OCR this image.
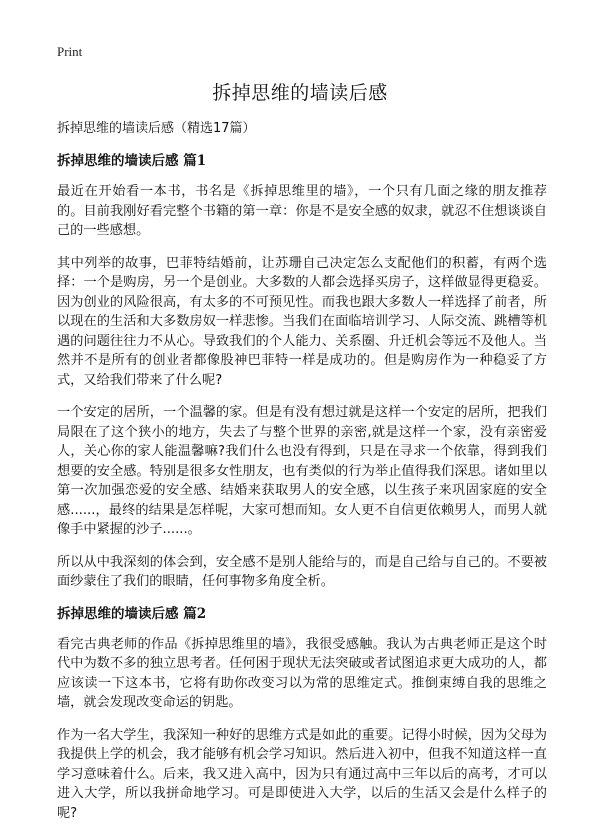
Print
拆掉思维的墙读后感

拆掉思维的墙读后感（精选17篇）

拆掉思维的墙读后感 篇1

最近在开始看一本书，书名是《拆掉思维里的墙》，一个只有几面之缘的朋友推荐的。目前我刚好看完整个书籍的第一章：你是不是安全感的奴隶，就忍不住想谈谈自己的一些感想。

其中列举的故事，巴菲特结婚前，让苏珊自己决定怎么支配他们的积蓄，有两个选择：一个是购房，另一个是创业。大多数的人都会选择买房子，这样做显得更稳妥。因为创业的风险很高，有太多的不可预见性。而我也跟大多数人一样选择了前者，所以现在的生活和大多数房奴一样悲惨。当我们在面临培训学习、人际交流、跳槽等机遇的问题往往力不从心。导致我们的个人能力、关系圈、升迁机会等远不及他人。当然并不是所有的创业者都像股神巴菲特一样是成功的。但是购房作为一种稳妥了方式，又给我们带来了什么呢?

一个安定的居所，一个温馨的家。但是有没有想过就是这样一个安定的居所，把我们局限在了这个狭小的地方，失去了与整个世界的亲密,就是这样一个家，没有亲密爱人，关心你的家人能温馨嘛?我们什么也没有得到，只是在寻求一个依靠，得到我们想要的安全感。特别是很多女性朋友，也有类似的行为举止值得我们深思。诸如里以第一次加强恋爱的安全感、结婚来获取男人的安全感，以生孩子来巩固家庭的安全感......，最终的结果是怎样呢，大家可想而知。女人更不自信更依赖男人，而男人就像手中紧握的沙子......。

所以从中我深刻的体会到，安全感不是别人能给与的，而是自己给与自己的。不要被面纱蒙住了我们的眼睛，任何事物多角度全析。

拆掉思维的墙读后感 篇2

看完古典老师的作品《拆掉思维里的墙》，我很受感触。我认为古典老师正是这个时代中为数不多的独立思考者。任何困于现状无法突破或者试图追求更大成功的人，都应该读一下这本书，它将有助你改变习以为常的思维定式。推倒束缚自我的思维之墙，就会发现改变命运的钥匙。

作为一名大学生，我深知一种好的思维方式是如此的重要。记得小时候，因为父母为我提供上学的机会，我才能够有机会学习知识。然后进入初中，但我不知道这样一直学习意味着什么。后来，我又进入高中，因为只有通过高中三年以后的高考，才可以进入大学，所以我拼命地学习。可是即使进入大学，以后的生活又会是什么样子的呢?
